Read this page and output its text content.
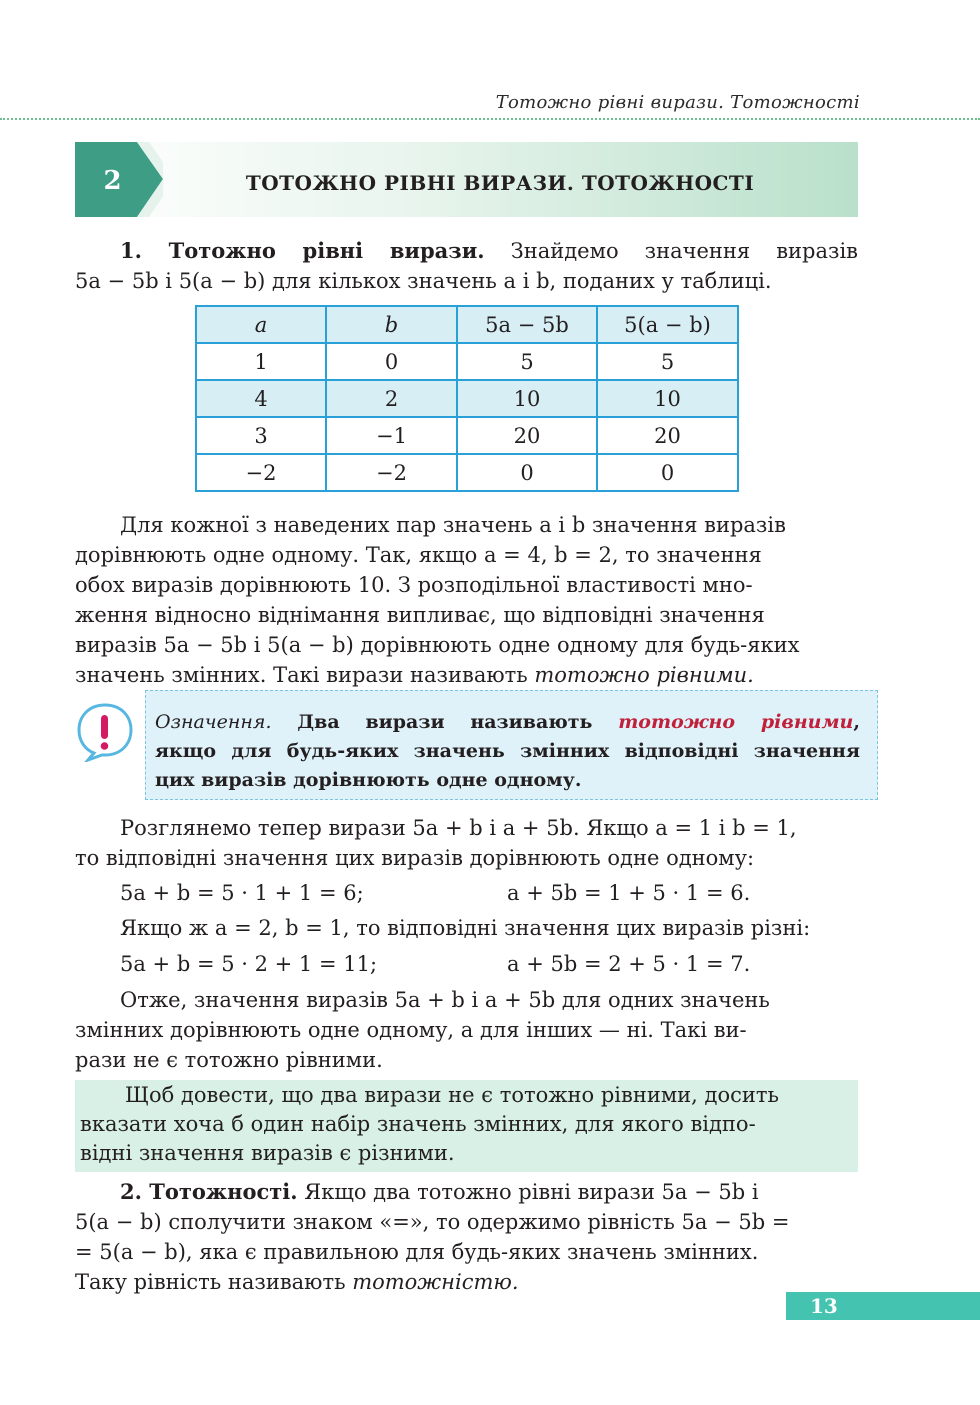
Тотожно рівні вирази. Тотожності
2	ТОТОЖНО РІВНІ ВИРАЗИ. ТОТОЖНОСТІ
1. Тотожно рівні вирази. Знайдемо значення виразів
5a − 5b і 5(a − b) для кількох значень a і b, поданих у таблиці.
a	b	5a − 5b	5(a − b)
1	0	5	5
4	2	10	10
3	−1	20	20
−2	−2	0	0
Для кожної з наведених пар значень a і b значення виразів
дорівнюють одне одному. Так, якщо a = 4, b = 2, то значення
обох виразів дорівнюють 10. З розподільної властивості мно-
ження відносно віднімання випливає, що відповідні значення
виразів 5a − 5b і 5(a − b) дорівнюють одне одному для будь-яких
значень змінних. Такі вирази називають тотожно рівними.
Означення. Два вирази називають тотожно рівними,
якщо для будь-яких значень змінних відповідні значення
цих виразів дорівнюють одне одному.
Розглянемо тепер вирази 5a + b і a + 5b. Якщо a = 1 і b = 1,
то відповідні значення цих виразів дорівнюють одне одному:
5a + b = 5 · 1 + 1 = 6;	a + 5b = 1 + 5 · 1 = 6.
Якщо ж a = 2, b = 1, то відповідні значення цих виразів різні:
5a + b = 5 · 2 + 1 = 11;	a + 5b = 2 + 5 · 1 = 7.
Отже, значення виразів 5a + b і a + 5b для одних значень
змінних дорівнюють одне одному, а для інших — ні. Такі ви-
рази не є тотожно рівними.
Щоб довести, що два вирази не є тотожно рівними, досить
вказати хоча б один набір значень змінних, для якого відпо-
відні значення виразів є різними.
2. Тотожності. Якщо два тотожно рівні вирази 5a − 5b і
5(a − b) сполучити знаком «=», то одержимо рівність 5a − 5b =
= 5(a − b), яка є правильною для будь-яких значень змінних.
Таку рівність називають тотожністю.
13
